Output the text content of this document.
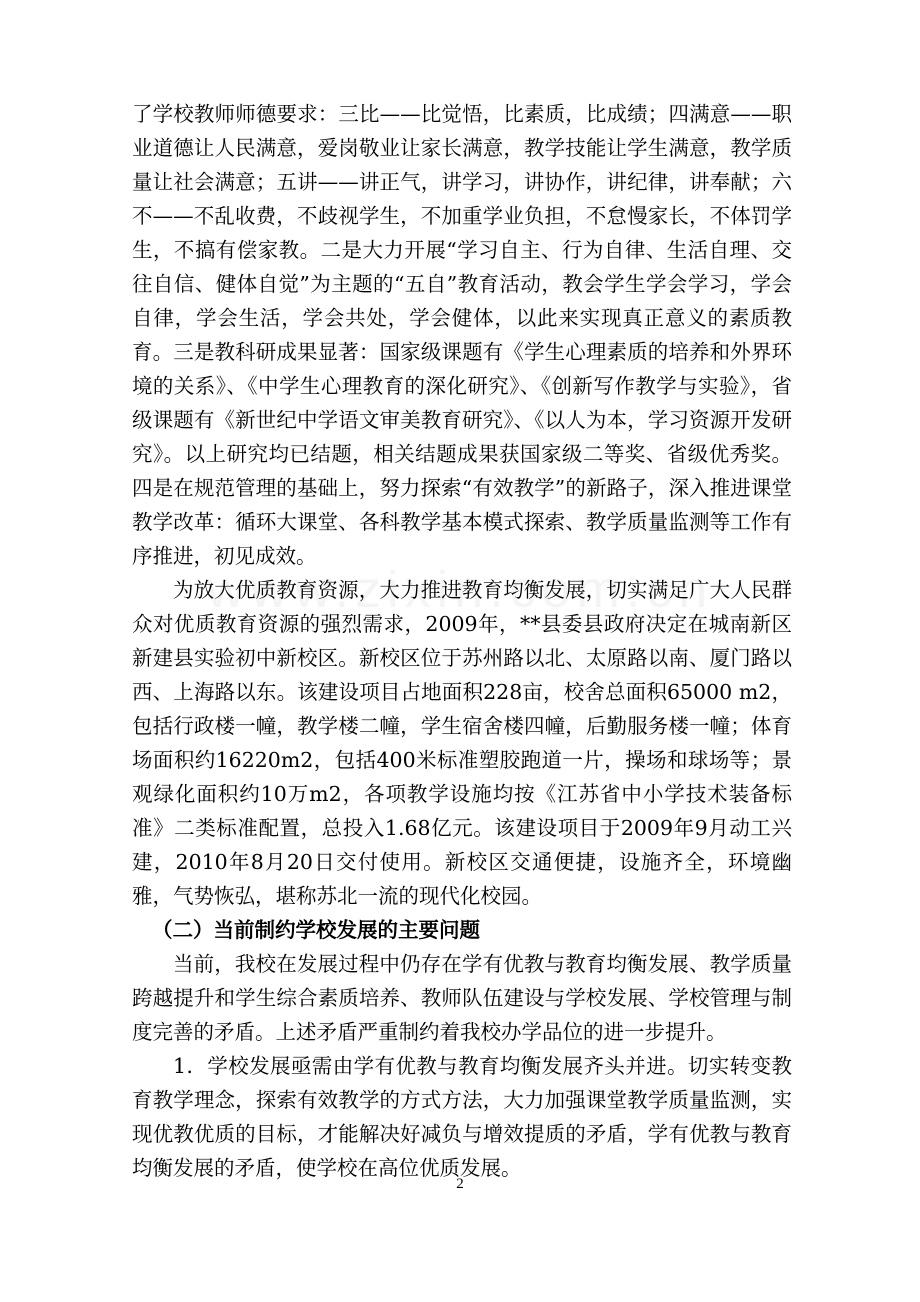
了学校教师师德要求：三比——比觉悟，比素质，比成绩；四满意——职业道德让人民满意，爱岗敬业让家长满意，教学技能让学生满意，教学质量让社会满意；五讲——讲正气，讲学习，讲协作，讲纪律，讲奉献；六不——不乱收费，不歧视学生，不加重学业负担，不怠慢家长，不体罚学生，不搞有偿家教。二是大力开展“学习自主、行为自律、生活自理、交往自信、健体自觉”为主题的“五自”教育活动，教会学生学会学习，学会自律，学会生活，学会共处，学会健体，以此来实现真正意义的素质教育。三是教科研成果显著：国家级课题有《学生心理素质的培养和外界环境的关系》、《中学生心理教育的深化研究》、《创新写作教学与实验》，省级课题有《新世纪中学语文审美教育研究》、《以人为本，学习资源开发研究》。以上研究均已结题，相关结题成果获国家级二等奖、省级优秀奖。四是在规范管理的基础上，努力探索“有效教学”的新路子，深入推进课堂教学改革：循环大课堂、各科教学基本模式探索、教学质量监测等工作有序推进，初见成效。

为放大优质教育资源，大力推进教育均衡发展，切实满足广大人民群众对优质教育资源的强烈需求，2009年，**县委县政府决定在城南新区新建县实验初中新校区。新校区位于苏州路以北、太原路以南、厦门路以西、上海路以东。该建设项目占地面积228亩，校舍总面积65000 m2，包括行政楼一幢，教学楼二幢，学生宿舍楼四幢，后勤服务楼一幢；体育场面积约16220m2，包括400米标准塑胶跑道一片，操场和球场等；景观绿化面积约10万m2，各项教学设施均按《江苏省中小学技术装备标准》二类标准配置，总投入1.68亿元。该建设项目于2009年9月动工兴建，2010年8月20日交付使用。新校区交通便捷，设施齐全，环境幽雅，气势恢弘，堪称苏北一流的现代化校园。

（二）当前制约学校发展的主要问题

当前，我校在发展过程中仍存在学有优教与教育均衡发展、教学质量跨越提升和学生综合素质培养、教师队伍建设与学校发展、学校管理与制度完善的矛盾。上述矛盾严重制约着我校办学品位的进一步提升。

1．学校发展亟需由学有优教与教育均衡发展齐头并进。切实转变教育教学理念，探索有效教学的方式方法，大力加强课堂教学质量监测，实现优教优质的目标，才能解决好减负与增效提质的矛盾，学有优教与教育均衡发展的矛盾，使学校在高位优质发展。

2
